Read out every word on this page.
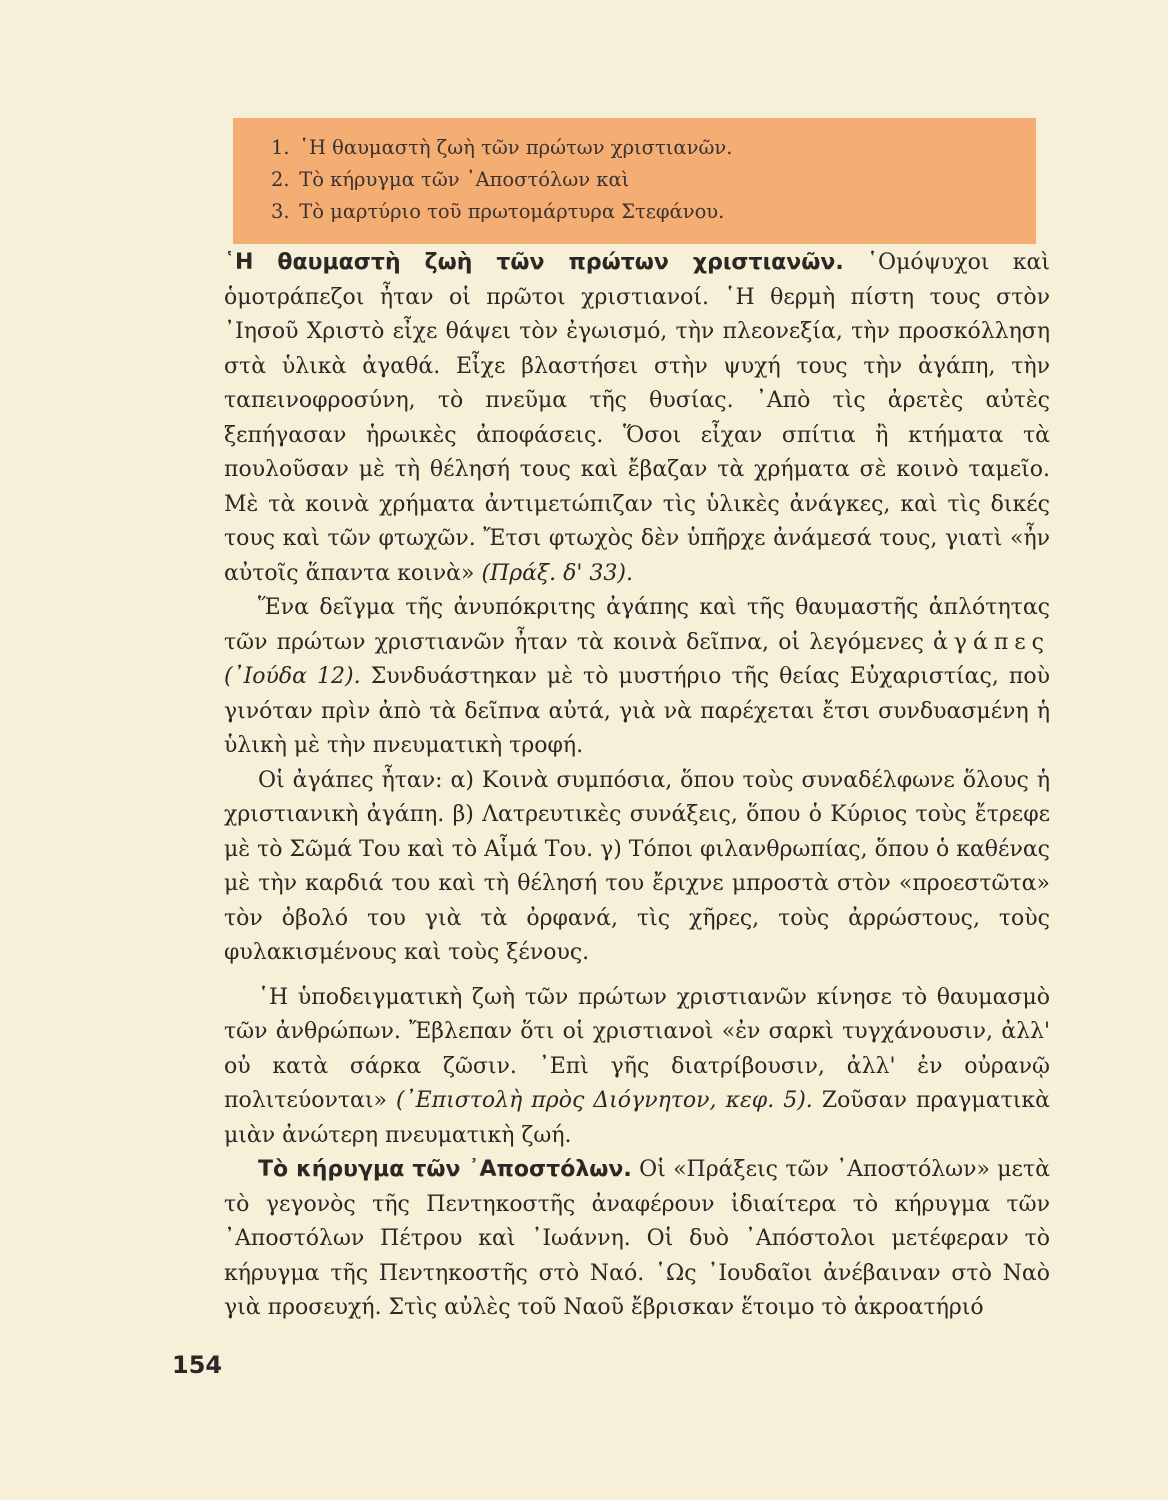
1. ῾Η θαυμαστὴ ζωὴ τῶν πρώτων χριστιανῶν.

2. Τὸ κήρυγμα τῶν ᾿Αποστόλων καὶ

3. Τὸ μαρτύριο τοῦ πρωτομάρτυρα Στεφάνου.

῾Η θαυμαστὴ ζωὴ τῶν πρώτων χριστιανῶν. ῾Ομόψυχοι καὶ ὁμοτράπεζοι ἦταν οἱ πρῶτοι χριστιανοί. ῾Η θερμὴ πίστη τους στὸν ᾿Ιησοῦ Χριστὸ εἶχε θάψει τὸν ἐγωισμό, τὴν πλεονεξία, τὴν προσκόλληση στὰ ὑλικὰ ἀγαθά. Εἶχε βλαστήσει στὴν ψυχή τους τὴν ἀγάπη, τὴν ταπεινοφροσύνη, τὸ πνεῦμα τῆς θυσίας. ᾿Απὸ τὶς ἀρετὲς αὐτὲς ξεπήγασαν ἡρωικὲς ἀποφάσεις. Ὅσοι εἶχαν σπίτια ἢ κτήματα τὰ πουλοῦσαν μὲ τὴ θέλησή τους καὶ ἔβαζαν τὰ χρήματα σὲ κοινὸ ταμεῖο. Μὲ τὰ κοινὰ χρήματα ἀντιμετώπιζαν τὶς ὑλικὲς ἀνάγκες, καὶ τὶς δικές τους καὶ τῶν φτωχῶν. Ἔτσι φτωχὸς δὲν ὑπῆρχε ἀνάμεσά τους, γιατὶ «ἦν αὐτοῖς ἅπαντα κοινὰ» (Πράξ. δ' 33).

Ἕνα δεῖγμα τῆς ἀνυπόκριτης ἀγάπης καὶ τῆς θαυμαστῆς ἁπλότητας τῶν πρώτων χριστιανῶν ἦταν τὰ κοινὰ δεῖπνα, οἱ λεγόμενες ἀγάπες (᾿Ιούδα 12). Συνδυάστηκαν μὲ τὸ μυστήριο τῆς θείας Εὐχαριστίας, ποὺ γινόταν πρὶν ἀπὸ τὰ δεῖπνα αὐτά, γιὰ νὰ παρέχεται ἔτσι συνδυασμένη ἡ ὑλικὴ μὲ τὴν πνευματικὴ τροφή.

Οἱ ἀγάπες ἦταν: α) Κοινὰ συμπόσια, ὅπου τοὺς συναδέλφωνε ὅλους ἡ χριστιανικὴ ἀγάπη. β) Λατρευτικὲς συνάξεις, ὅπου ὁ Κύριος τοὺς ἔτρεφε μὲ τὸ Σῶμά Του καὶ τὸ Αἷμά Του. γ) Τόποι φιλανθρωπίας, ὅπου ὁ καθένας μὲ τὴν καρδιά του καὶ τὴ θέλησή του ἔριχνε μπροστὰ στὸν «προεστῶτα» τὸν ὀβολό του γιὰ τὰ ὀρφανά, τὶς χῆρες, τοὺς ἀρρώστους, τοὺς φυλακισμένους καὶ τοὺς ξένους.

῾Η ὑποδειγματικὴ ζωὴ τῶν πρώτων χριστιανῶν κίνησε τὸ θαυμασμὸ τῶν ἀνθρώπων. Ἔβλεπαν ὅτι οἱ χριστιανοὶ «ἐν σαρκὶ τυγχάνουσιν, ἀλλ' οὐ κατὰ σάρκα ζῶσιν. ᾿Επὶ γῆς διατρίβουσιν, ἀλλ' ἐν οὐρανῷ πολιτεύονται» (᾿Επιστολὴ πρὸς Διόγνητον, κεφ. 5). Ζοῦσαν πραγματικὰ μιὰν ἀνώτερη πνευματικὴ ζωή.

Τὸ κήρυγμα τῶν ᾿Αποστόλων. Οἱ «Πράξεις τῶν ᾿Αποστόλων» μετὰ τὸ γεγονὸς τῆς Πεντηκοστῆς ἀναφέρουν ἰδιαίτερα τὸ κήρυγμα τῶν ᾿Αποστόλων Πέτρου καὶ ᾿Ιωάννη. Οἱ δυὸ ᾿Απόστολοι μετέφεραν τὸ κήρυγμα τῆς Πεντηκοστῆς στὸ Ναό. ῾Ως ᾿Ιουδαῖοι ἀνέβαιναν στὸ Ναὸ γιὰ προσευχή. Στὶς αὐλὲς τοῦ Ναοῦ ἔβρισκαν ἕτοιμο τὸ ἀκροατήριό

154
